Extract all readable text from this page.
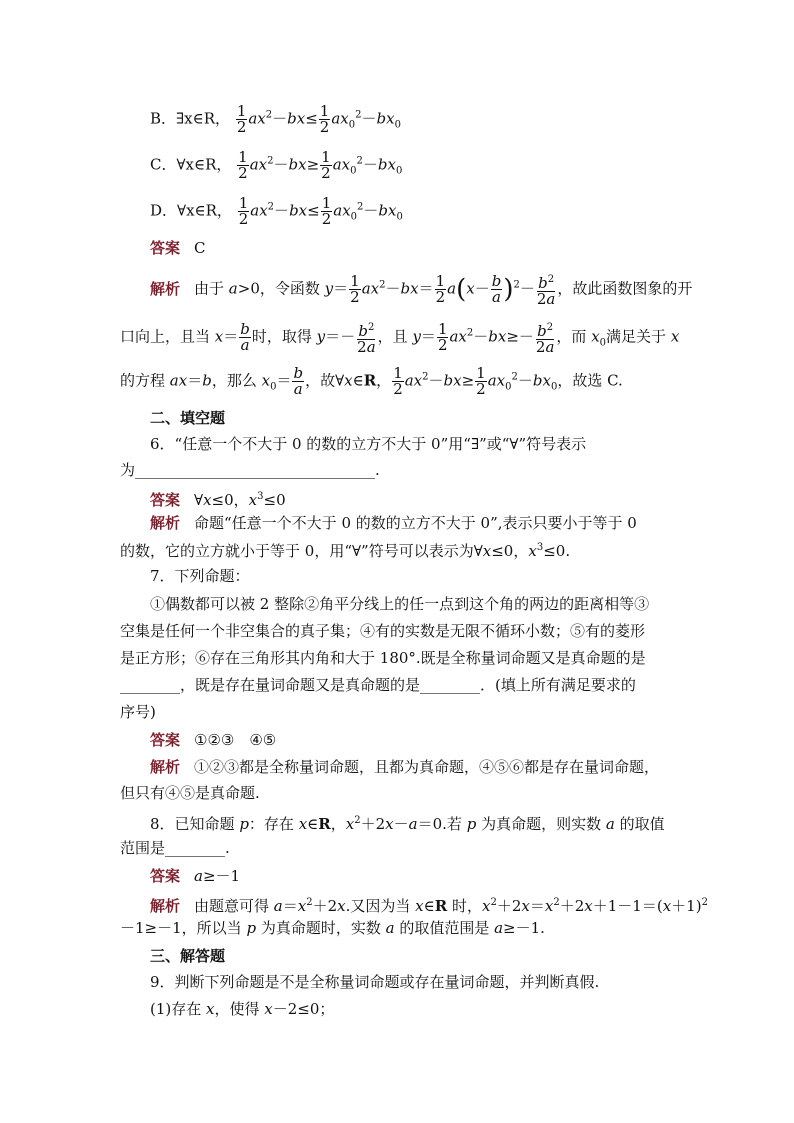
B．∃x∈R， $\frac{1}{2} ax^2-bx\le \frac{1}{2} ax_0^2-bx_0$
C．∀x∈R， $\frac{1}{2} ax^2-bx\ge \frac{1}{2} ax_0^2-bx_0$
D．∀x∈R， $\frac{1}{2} ax^2-bx\le \frac{1}{2} ax_0^2-bx_0$
答案 C
解析 由于 a>0，令函数 $y= \frac{1}{2} ax^2-bx= \frac{1}{2} a(x- \frac{b}{a} )^2- \frac{b^2}{2a}$ ，故此函数图象的开
口向上，且当 $x= \frac{b}{a}$ 时，取得 $y=- \frac{b^2}{2a}$ ，且 $y= \frac{1}{2} ax^2-bx\ge- \frac{b^2}{2a}$ ，而 $x_0$满足关于 x
的方程 ax＝b，那么 $x_0= \frac{b}{a}$ ，故∀x∈R， $\frac{1}{2} ax^2-bx\ge \frac{1}{2} ax_0^2-bx_0$，故选 C.
二、填空题
6．“任意一个不大于 0 的数的立方不大于 0”用“∃”或“∀”符号表示
为________________________________.
答案 ∀x≤0，$x^3\le 0$
解析 命题“任意一个不大于 0 的数的立方不大于 0”,表示只要小于等于 0
的数，它的立方就小于等于 0，用“∀”符号可以表示为∀x≤0，$x^3\le 0$.
7．下列命题：
①偶数都可以被 2 整除②角平分线上的任一点到这个角的两边的距离相等③
空集是任何一个非空集合的真子集；④有的实数是无限不循环小数；⑤有的菱形
是正方形；⑥存在三角形其内角和大于 180°.既是全称量词命题又是真命题的是
________，既是存在量词命题又是真命题的是________．(填上所有满足要求的
序号)
答案 ①②③　④⑤
解析 ①②③都是全称量词命题，且都为真命题，④⑤⑥都是存在量词命题，
但只有④⑤是真命题.
8．已知命题 p：存在 x∈R，$x^2+2x-a=0$.若 p 为真命题，则实数 a 的取值
范围是________.
答案 a≥－1
解析 由题意可得 $a=x^2+2x$.又因为当 x∈R 时，$x^2+2x=x^2+2x+1-1=(x+1)^2$
－1≥－1，所以当 p 为真命题时，实数 a 的取值范围是 a≥－1.
三、解答题
9．判断下列命题是不是全称量词命题或存在量词命题，并判断真假.
(1)存在 x，使得 x－2≤0；
